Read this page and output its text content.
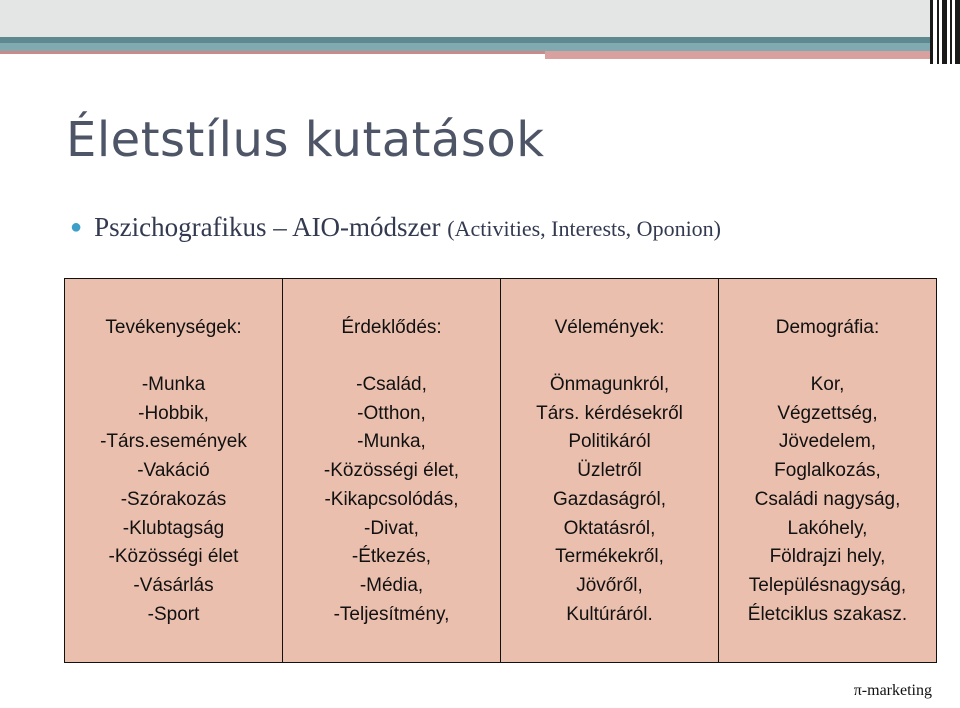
Életstílus kutatások
● Pszichografikus – AIO-módszer (Activities, Interests, Oponion)
Tevékenységek:
-Munka
-Hobbik,
-Társ.események
-Vakáció
-Szórakozás
-Klubtagság
-Közösségi élet
-Vásárlás
-Sport
Érdeklődés:
-Család,
-Otthon,
-Munka,
-Közösségi élet,
-Kikapcsolódás,
-Divat,
-Étkezés,
-Média,
-Teljesítmény,
Vélemények:
Önmagunkról,
Társ. kérdésekről
Politikáról
Üzletről
Gazdaságról,
Oktatásról,
Termékekről,
Jövőről,
Kultúráról.
Demográfia:
Kor,
Végzettség,
Jövedelem,
Foglalkozás,
Családi nagyság,
Lakóhely,
Földrajzi hely,
Településnagyság,
Életciklus szakasz.
π-marketing
